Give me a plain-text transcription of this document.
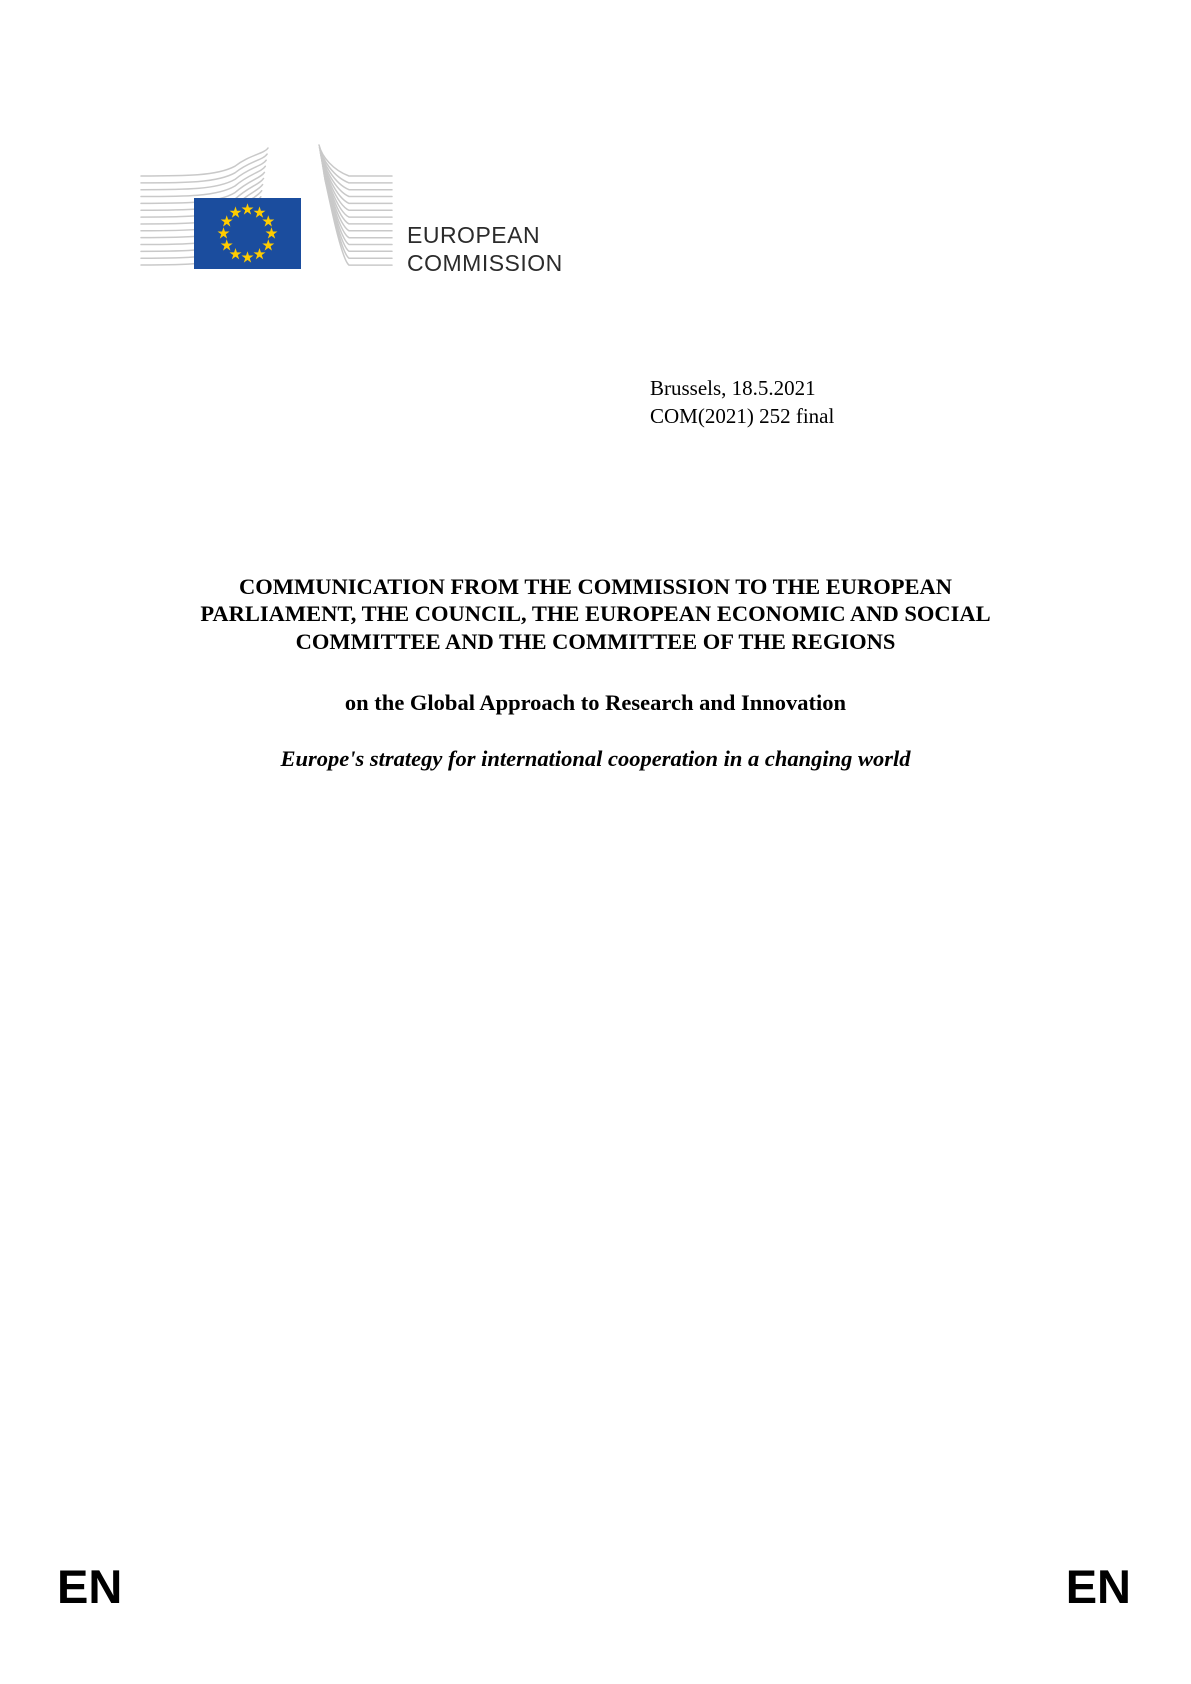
EUROPEAN
COMMISSION
Brussels, 18.5.2021
COM(2021) 252 final
COMMUNICATION FROM THE COMMISSION TO THE EUROPEAN
PARLIAMENT, THE COUNCIL, THE EUROPEAN ECONOMIC AND SOCIAL
COMMITTEE AND THE COMMITTEE OF THE REGIONS
on the Global Approach to Research and Innovation
Europe's strategy for international cooperation in a changing world
EN	EN
